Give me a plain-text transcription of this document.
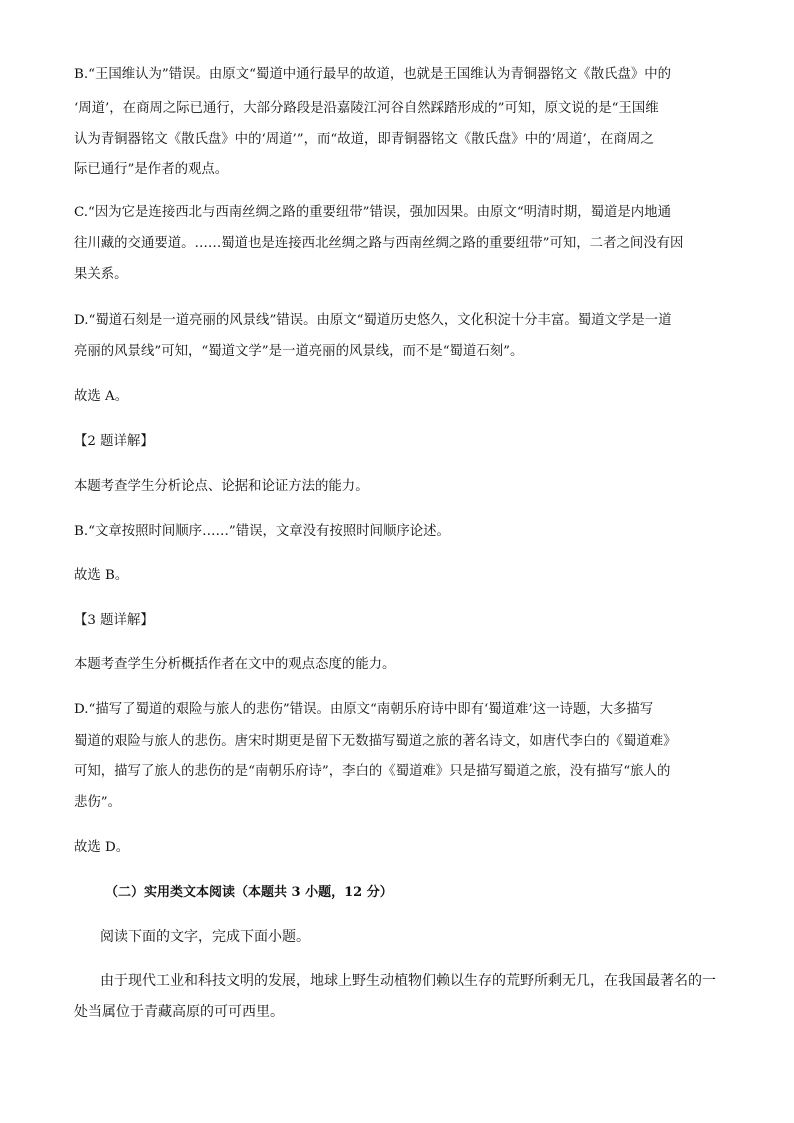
B.“王国维认为”错误。由原文“蜀道中通行最早的故道，也就是王国维认为青铜器铭文《散氏盘》中的
‘周道’，在商周之际已通行，大部分路段是沿嘉陵江河谷自然踩踏形成的”可知，原文说的是“王国维
认为青铜器铭文《散氏盘》中的‘周道’”，而“故道，即青铜器铭文《散氏盘》中的‘周道’，在商周之
际已通行”是作者的观点。
C.“因为它是连接西北与西南丝绸之路的重要纽带”错误，强加因果。由原文“明清时期，蜀道是内地通
往川藏的交通要道。……蜀道也是连接西北丝绸之路与西南丝绸之路的重要纽带”可知，二者之间没有因
果关系。
D.“蜀道石刻是一道亮丽的风景线”错误。由原文“蜀道历史悠久，文化积淀十分丰富。蜀道文学是一道
亮丽的风景线”可知，“蜀道文学”是一道亮丽的风景线，而不是“蜀道石刻”。
故选 A。
【2 题详解】
本题考查学生分析论点、论据和论证方法的能力。
B.“文章按照时间顺序……”错误，文章没有按照时间顺序论述。
故选 B。
【3 题详解】
本题考查学生分析概括作者在文中的观点态度的能力。
D.“描写了蜀道的艰险与旅人的悲伤”错误。由原文“南朝乐府诗中即有‘蜀道难’这一诗题，大多描写
蜀道的艰险与旅人的悲伤。唐宋时期更是留下无数描写蜀道之旅的著名诗文，如唐代李白的《蜀道难》
可知，描写了旅人的悲伤的是“南朝乐府诗”，李白的《蜀道难》只是描写蜀道之旅，没有描写“旅人的
悲伤”。
故选 D。
（二）实用类文本阅读（本题共 3 小题，12 分）
阅读下面的文字，完成下面小题。
由于现代工业和科技文明的发展，地球上野生动植物们赖以生存的荒野所剩无几，在我国最著名的一
处当属位于青藏高原的可可西里。
